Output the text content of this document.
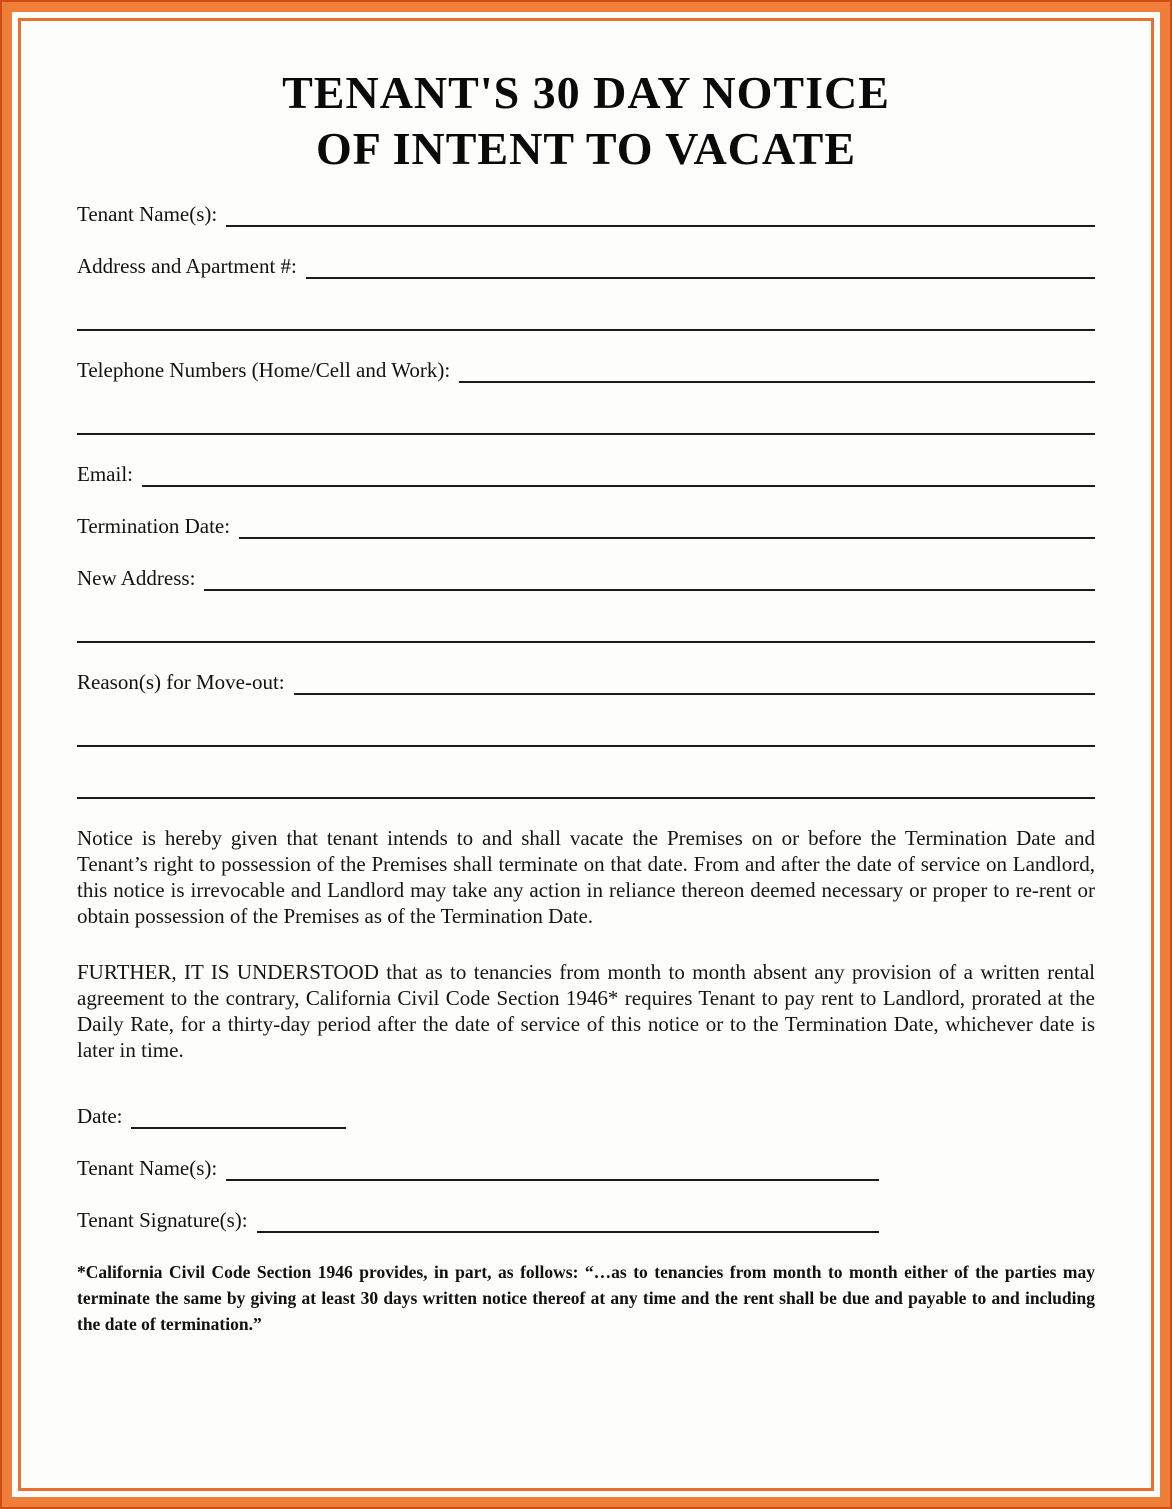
TENANT'S 30 DAY NOTICE
OF INTENT TO VACATE
Tenant Name(s):
Address and Apartment #:
Telephone Numbers (Home/Cell and Work):
Email:
Termination Date:
New Address:
Reason(s) for Move-out:

Notice is hereby given that tenant intends to and shall vacate the Premises on or before the Termination Date and Tenant’s right to possession of the Premises shall terminate on that date. From and after the date of service on Landlord, this notice is irrevocable and Landlord may take any action in reliance thereon deemed necessary or proper to re-rent or obtain possession of the Premises as of the Termination Date.

FURTHER, IT IS UNDERSTOOD that as to tenancies from month to month absent any provision of a written rental agreement to the contrary, California Civil Code Section 1946* requires Tenant to pay rent to Landlord, prorated at the Daily Rate, for a thirty-day period after the date of service of this notice or to the Termination Date, whichever date is later in time.

Date:
Tenant Name(s):
Tenant Signature(s):

*California Civil Code Section 1946 provides, in part, as follows: “…as to tenancies from month to month either of the parties may terminate the same by giving at least 30 days written notice thereof at any time and the rent shall be due and payable to and including the date of termination.”
